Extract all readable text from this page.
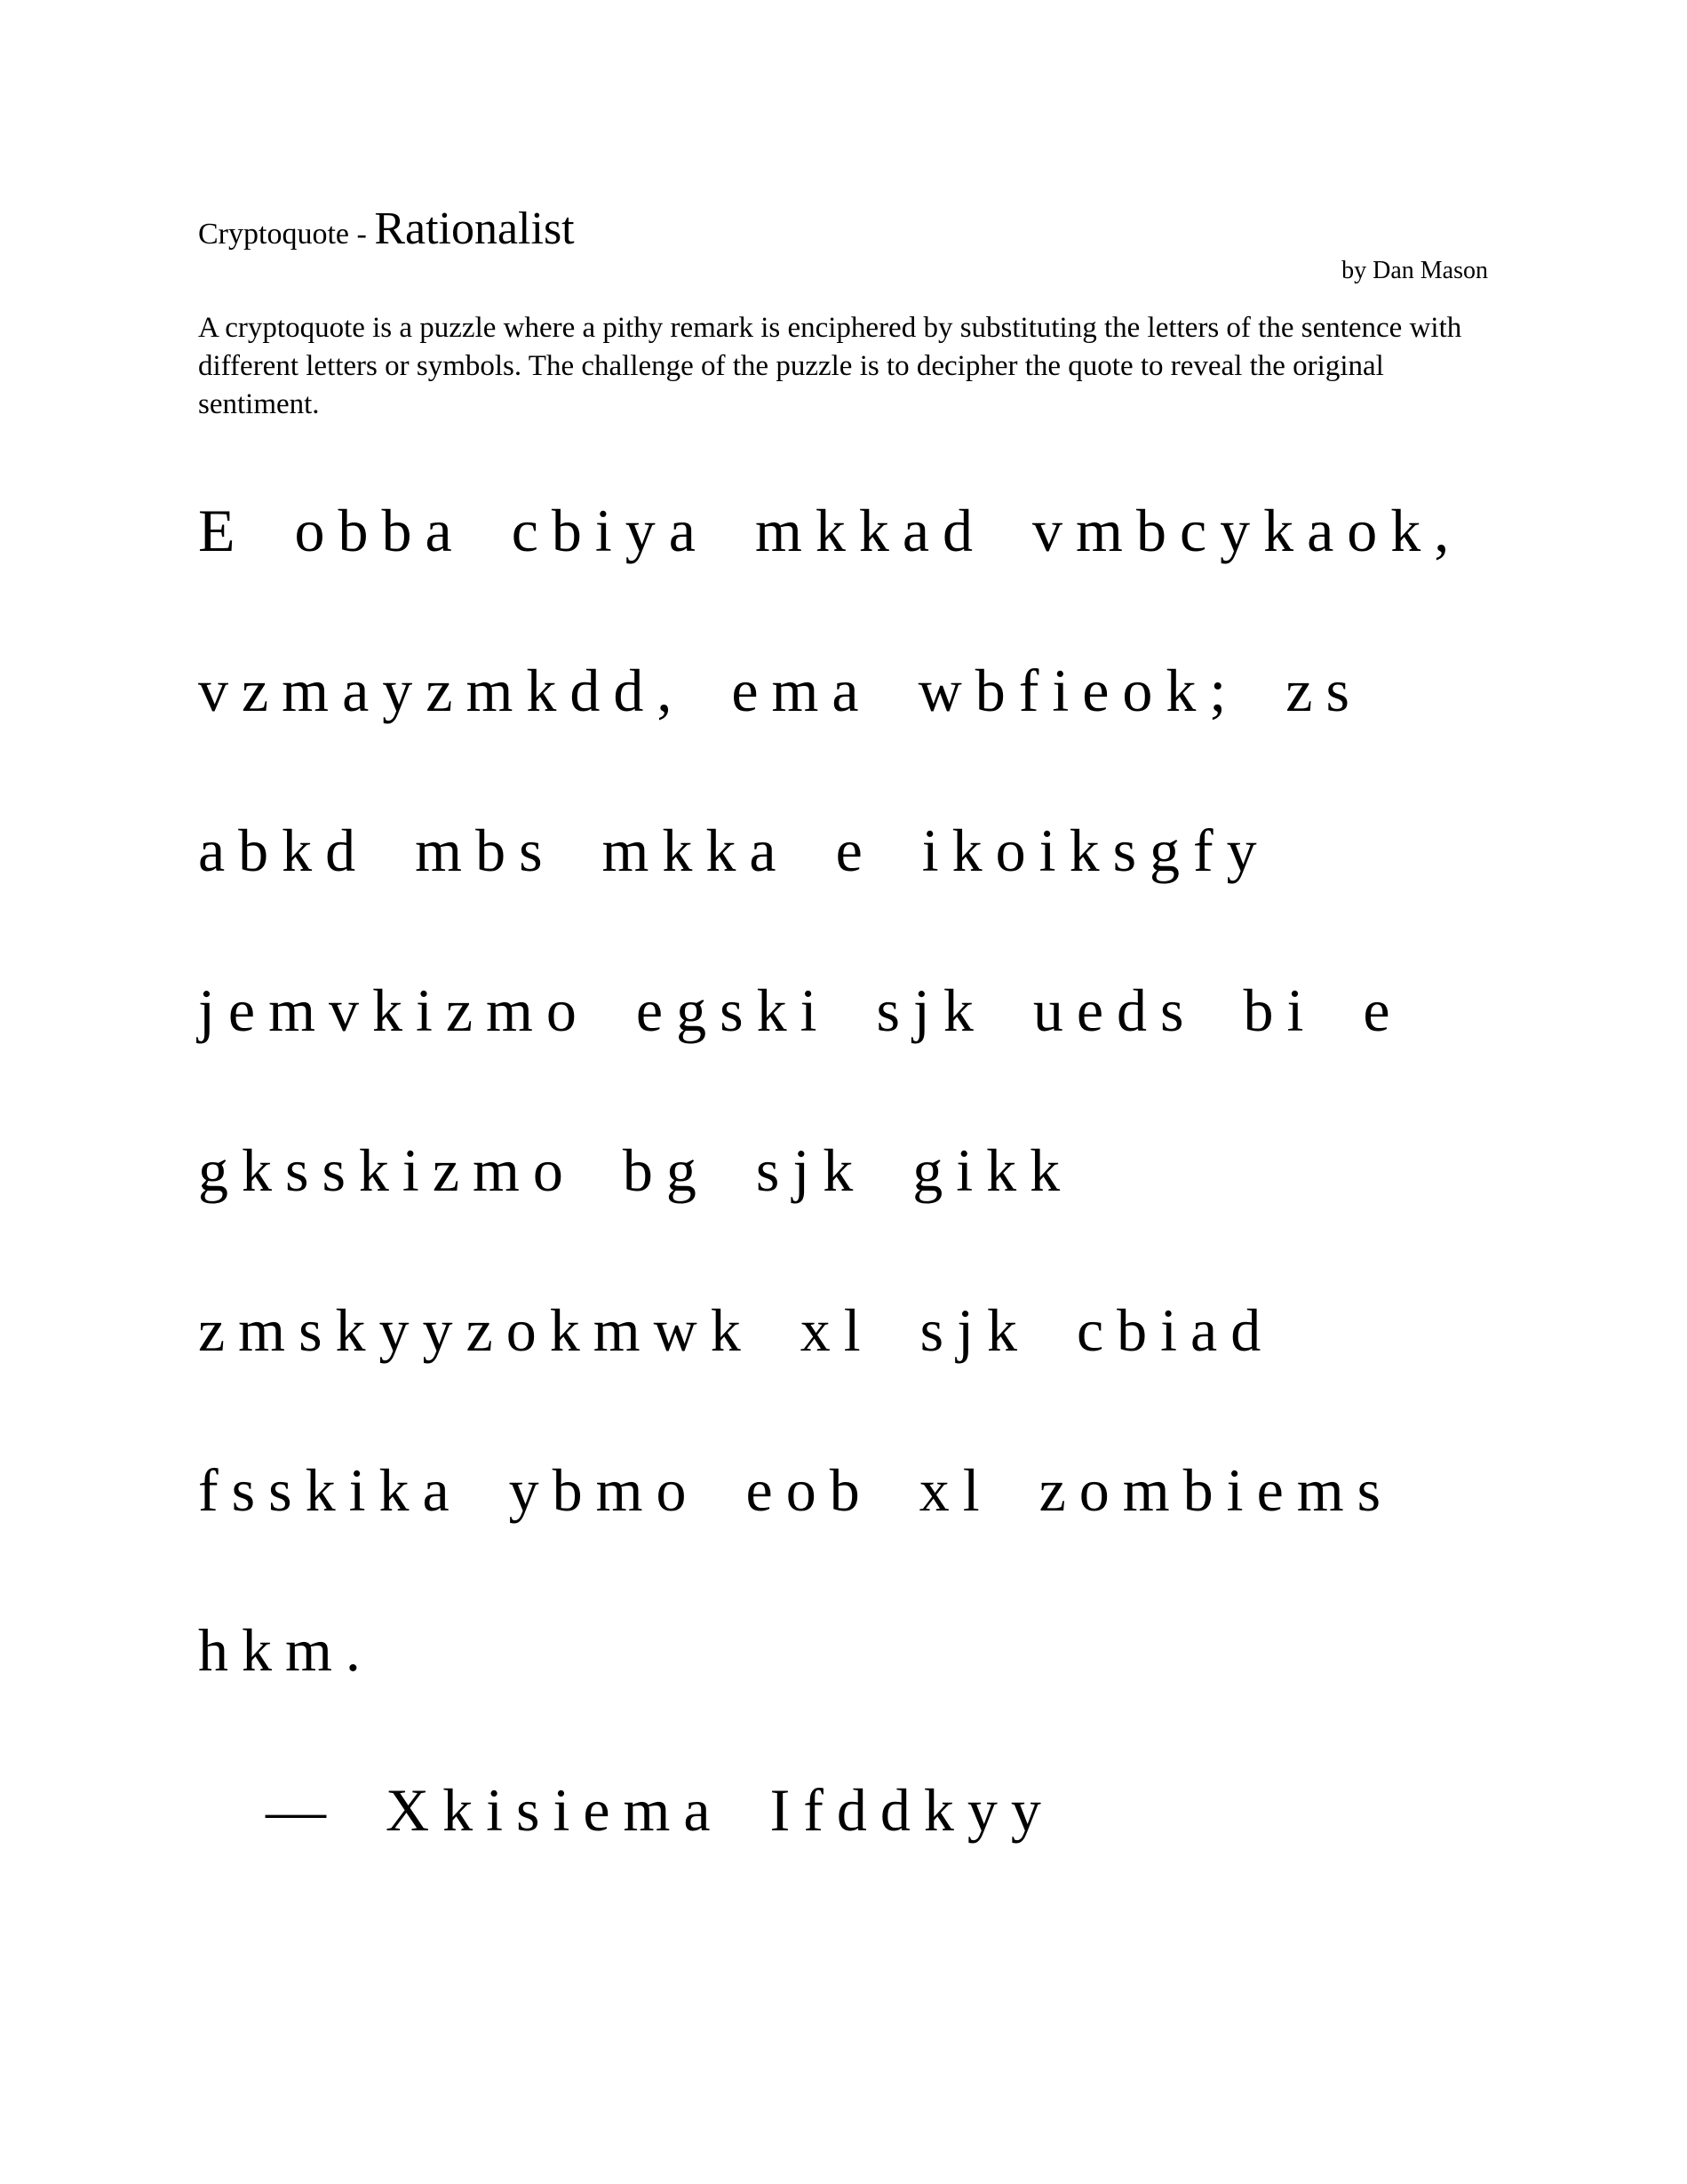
Cryptoquote - Rationalist
by Dan Mason
A cryptoquote is a puzzle where a pithy remark is enciphered by substituting the letters of the sentence with different letters or symbols. The challenge of the puzzle is to decipher the quote to reveal the original sentiment.
E obba cbiya mkkad vmbcykaok,
vzmayzmkdd, ema wbfieok; zs
abkd mbs mkka e ikoiksgfy
jemvkizmo egski sjk ueds bi e
gksskizmo bg sjk gikk
zmskyyzokmwk xl sjk cbiad
fsskika ybmo eob xl zombiems
hkm.
— Xkisiema Ifddkyy
